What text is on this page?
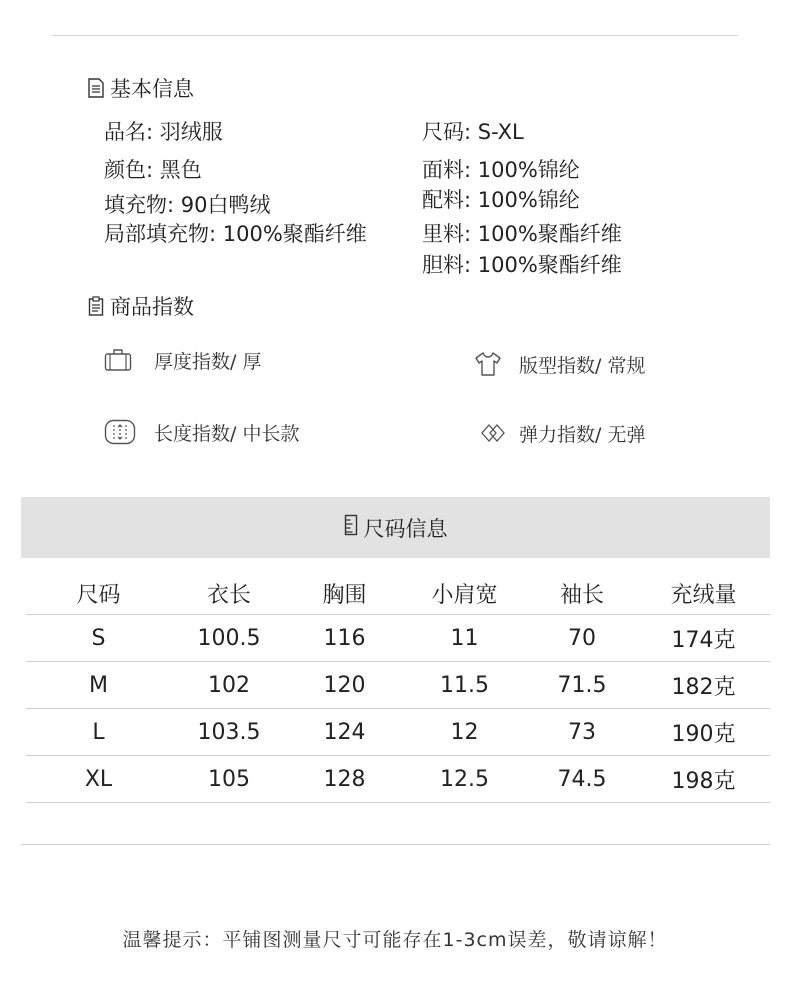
基本信息
品名: 羽绒服
颜色: 黑色
填充物: 90白鸭绒
局部填充物: 100%聚酯纤维
尺码: S-XL
面料: 100%锦纶
配料: 100%锦纶
里料: 100%聚酯纤维
胆料: 100%聚酯纤维
商品指数
厚度指数/ 厚	版型指数/ 常规
长度指数/ 中长款	弹力指数/ 无弹
尺码信息
尺码	衣长	胸围	小肩宽	袖长	充绒量
S	100.5	116	11	70	174克
M	102	120	11.5	71.5	182克
L	103.5	124	12	73	190克
XL	105	128	12.5	74.5	198克
温馨提示：平铺图测量尺寸可能存在1-3cm误差，敬请谅解！
